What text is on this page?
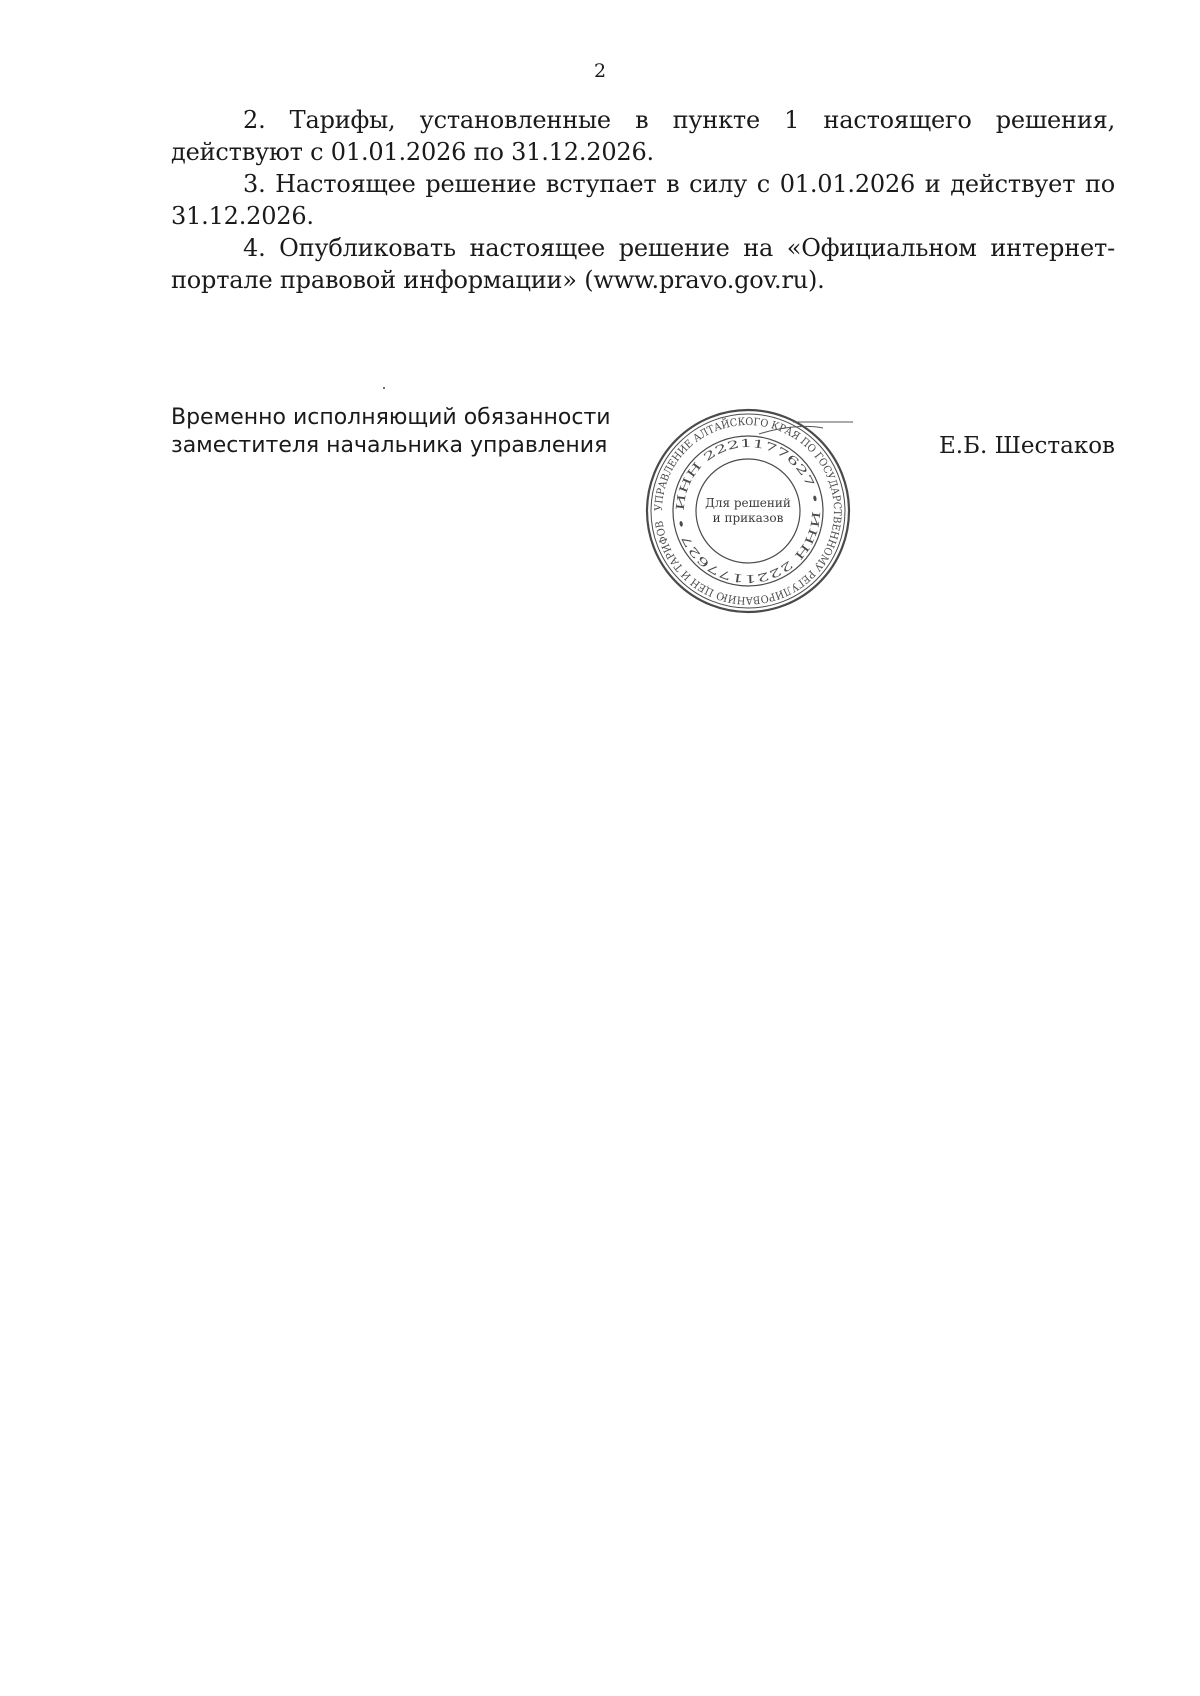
2

2. Тарифы, установленные в пункте 1 настоящего решения, действуют с 01.01.2026 по 31.12.2026.

3. Настоящее решение вступает в силу с 01.01.2026 и действует по 31.12.2026.

4. Опубликовать настоящее решение на «Официальном интернет-портале правовой информации» (www.pravo.gov.ru).

Временно исполняющий обязанности
заместителя начальника управления	Е.Б. Шестаков
УПРАВЛЕНИЕ АЛТАЙСКОГО КРАЯ ПО ГОСУДАРСТВЕННОМУ РЕГУЛИРОВАНИЮ ЦЕН И ТАРИФОВ
ИНН 2221177627 • ИНН 2221177627 •
Для решений
и приказов
